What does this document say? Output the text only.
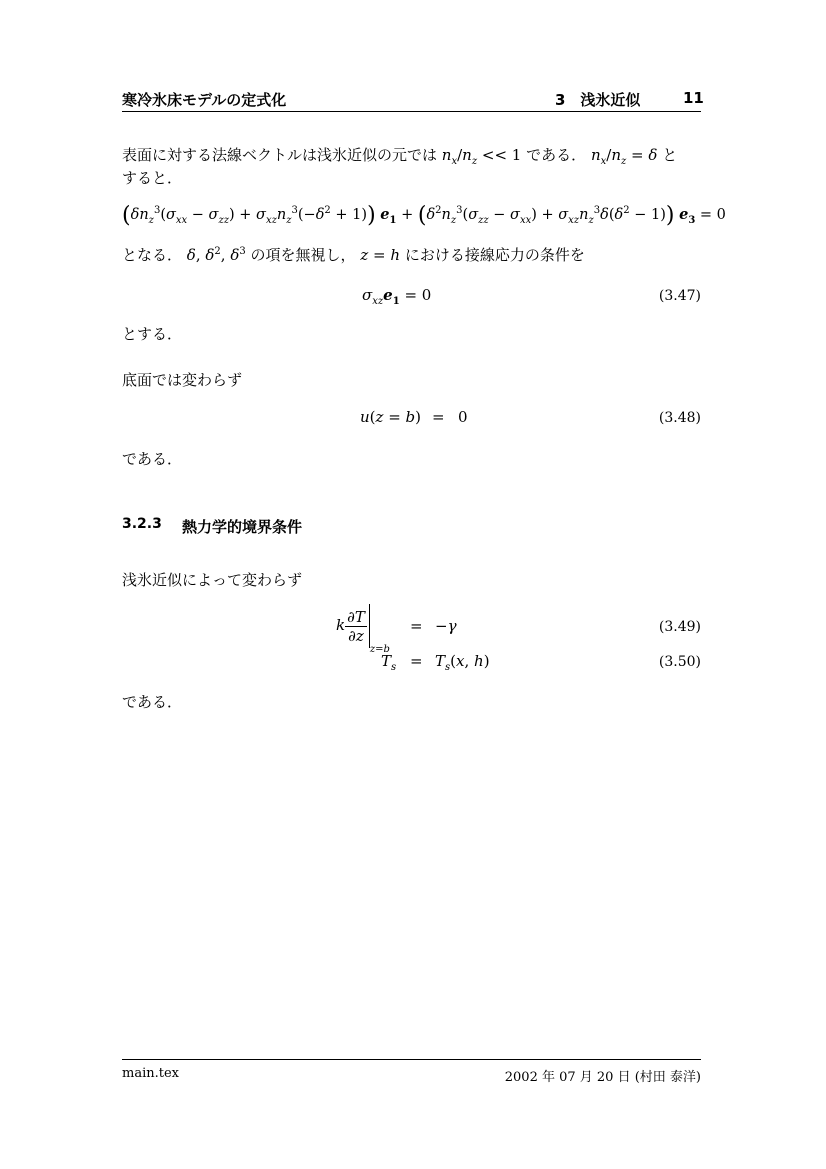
寒冷氷床モデルの定式化	3　浅氷近似	11
表面に対する法線ベクトルは浅氷近似の元では $n_x/n_z << 1$ である． $n_x/n_z = \delta$ と
すると．
$(\delta n_z^3(\sigma_{xx} - \sigma_{zz}) + \sigma_{xz}n_z^3(-\delta^2 + 1)) e_1 + (\delta^2n_z^3(\sigma_{zz} - \sigma_{xx}) + \sigma_{xz}n_z^3\delta(\delta^2 - 1)) e_3 = 0$
となる． δ, $\delta^2$, $\delta^3$ の項を無視し， z = h における接線応力の条件を
$\sigma_{xz}e_1 = 0$	(3.47)
とする．
底面では変わらず
u(z = b) = 0	(3.48)
である．
3.2.3 熱力学的境界条件
浅氷近似によって変わらず
k $\frac{\partial T}{\partial z}$
$_{z=b}$
= −γ	(3.49)
$T_s = T_s(x$, h)	(3.50)
である．
main.tex	2002 年 07 月 20 日 (村田 泰洋)
